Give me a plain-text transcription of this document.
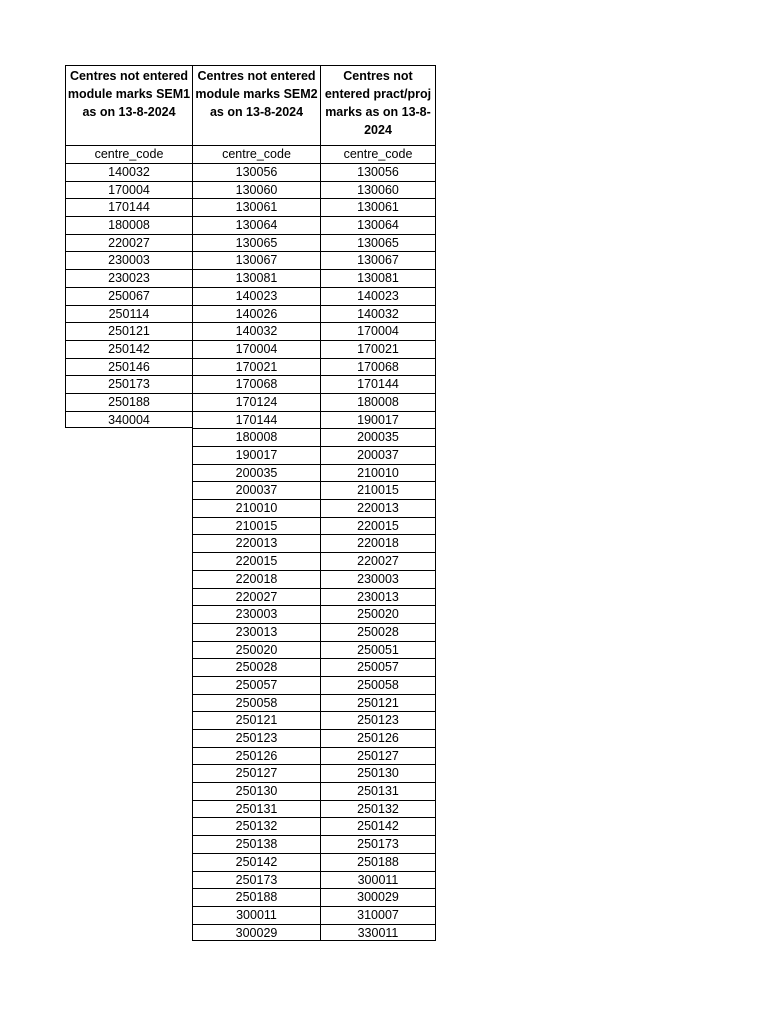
Centres not entered
module marks SEM1
as on 13-8-2024
centre_code
140032
170004
170144
180008
220027
230003
230023
250067
250114
250121
250142
250146
250173
250188
340004
Centres not entered
module marks SEM2
as on 13-8-2024
centre_code
130056
130060
130061
130064
130065
130067
130081
140023
140026
140032
170004
170021
170068
170124
170144
180008
190017
200035
200037
210010
210015
220013
220015
220018
220027
230003
230013
250020
250028
250057
250058
250121
250123
250126
250127
250130
250131
250132
250138
250142
250173
250188
300011
300029
Centres not
entered pract/proj
marks as on 13-8-
2024
centre_code
130056
130060
130061
130064
130065
130067
130081
140023
140032
170004
170021
170068
170144
180008
190017
200035
200037
210010
210015
220013
220015
220018
220027
230003
230013
250020
250028
250051
250057
250058
250121
250123
250126
250127
250130
250131
250132
250142
250173
250188
300011
300029
310007
330011
